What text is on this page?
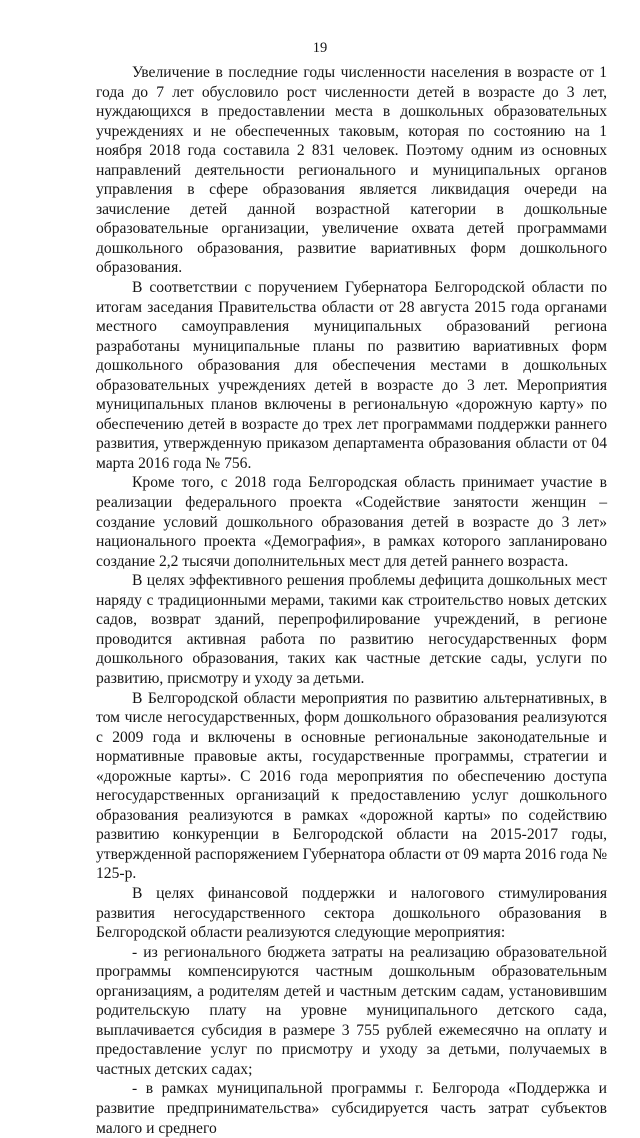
19

Увеличение в последние годы численности населения в возрасте от 1 года до 7 лет обусловило рост численности детей в возрасте до 3 лет, нуждающихся в предоставлении места в дошкольных образовательных учреждениях и не обеспеченных таковым, которая по состоянию на 1 ноября 2018 года составила 2 831 человек. Поэтому одним из основных направлений деятельности регионального и муниципальных органов управления в сфере образования является ликвидация очереди на зачисление детей данной возрастной категории в дошкольные образовательные организации, увеличение охвата детей программами дошкольного образования, развитие вариативных форм дошкольного образования.

В соответствии с поручением Губернатора Белгородской области по итогам заседания Правительства области от 28 августа 2015 года органами местного самоуправления муниципальных образований региона разработаны муниципальные планы по развитию вариативных форм дошкольного образования для обеспечения местами в дошкольных образовательных учреждениях детей в возрасте до 3 лет. Мероприятия муниципальных планов включены в региональную «дорожную карту» по обеспечению детей в возрасте до трех лет программами поддержки раннего развития, утвержденную приказом департамента образования области от 04 марта 2016 года № 756.

Кроме того, с 2018 года Белгородская область принимает участие в реализации федерального проекта «Содействие занятости женщин – создание условий дошкольного образования детей в возрасте до 3 лет» национального проекта «Демография», в рамках которого запланировано создание 2,2 тысячи дополнительных мест для детей раннего возраста.

В целях эффективного решения проблемы дефицита дошкольных мест наряду с традиционными мерами, такими как строительство новых детских садов, возврат зданий, перепрофилирование учреждений, в регионе проводится активная работа по развитию негосударственных форм дошкольного образования, таких как частные детские сады, услуги по развитию, присмотру и уходу за детьми.

В Белгородской области мероприятия по развитию альтернативных, в том числе негосударственных, форм дошкольного образования реализуются с 2009 года и включены в основные региональные законодательные и нормативные правовые акты, государственные программы, стратегии и «дорожные карты». С 2016 года мероприятия по обеспечению доступа негосударственных организаций к предоставлению услуг дошкольного образования реализуются в рамках «дорожной карты» по содействию развитию конкуренции в Белгородской области на 2015-2017 годы, утвержденной распоряжением Губернатора области от 09 марта 2016 года № 125-р.

В целях финансовой поддержки и налогового стимулирования развития негосударственного сектора дошкольного образования в Белгородской области реализуются следующие мероприятия:

- из регионального бюджета затраты на реализацию образовательной программы компенсируются частным дошкольным образовательным организациям, а родителям детей и частным детским садам, установившим родительскую плату на уровне муниципального детского сада, выплачивается субсидия в размере 3 755 рублей ежемесячно на оплату и предоставление услуг по присмотру и уходу за детьми, получаемых в частных детских садах;

- в рамках муниципальной программы г. Белгорода «Поддержка и развитие предпринимательства» субсидируется часть затрат субъектов малого и среднего
